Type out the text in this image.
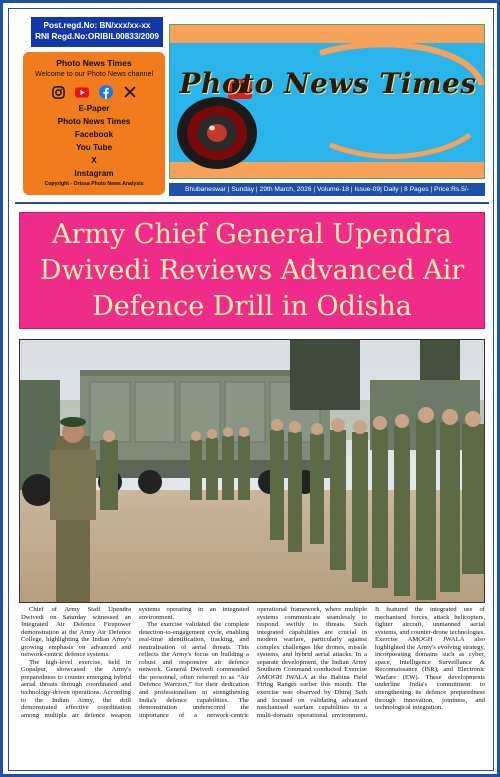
Post.regd.No: BN/xxx/xx-xx
RNI Regd.No:ORIBIL00833/2009
Photo News Times
Welcome to our Photo News channel
E-Paper
Photo News Times
Facebook
You Tube
X
Instagram
Copyright - Orissa Photo News Analysis
Photo News Times
Bhubaneswar | Sunday | 29th March, 2026 | Volume-18 | Issue-09| Daily | 8 Pages | Price:Rs.5/-
Army Chief General Upendra Dwivedi Reviews Advanced Air Defence Drill in Odisha

Chief of Army Staff Upendra Dwivedi on Saturday witnessed an Integrated Air Defence Firepower demonstration at the Army Air Defence College, highlighting the Indian Army's growing emphasis on advanced and network-centric defence systems.

The high-level exercise, held in Gopalpur, showcased the Army's preparedness to counter emerging hybrid aerial threats through coordinated and technology-driven operations. According to the Indian Army, the drill demonstrated effective coordination among multiple air defence weapon systems operating in an integrated environment.

The exercise validated the complete detection-to-engagement cycle, enabling real-time identification, tracking, and neutralisation of aerial threats. This reflects the Army's focus on building a robust and responsive air defence network. General Dwivedi commended the personnel, often referred to as “Air Defence Warriors,” for their dedication and professionalism in strengthening India's defence capabilities. The demonstration underscored the importance of a network-centric operational framework, where multiple systems communicate seamlessly to respond swiftly to threats. Such integrated capabilities are crucial in modern warfare, particularly against complex challenges like drones, missile systems, and hybrid aerial attacks. In a separate development, the Indian Army Southern Command conducted Exercise AMOGH JWALA at the Babina Field Firing Ranges earlier this month. The exercise was observed by Dhiraj Seth and focused on validating advanced mechanised warfare capabilities in a multi-domain operational environment. It featured the integrated use of mechanised forces, attack helicopters, fighter aircraft, unmanned aerial systems, and counter-drone technologies. Exercise AMOGH JWALA also highlighted the Army's evolving strategy, incorporating domains such as cyber, space, Intelligence Surveillance & Reconnaissance (ISR), and Electronic Warfare (EW). These developments underline India's commitment to strengthening its defence preparedness through innovation, jointness, and technological integration.
